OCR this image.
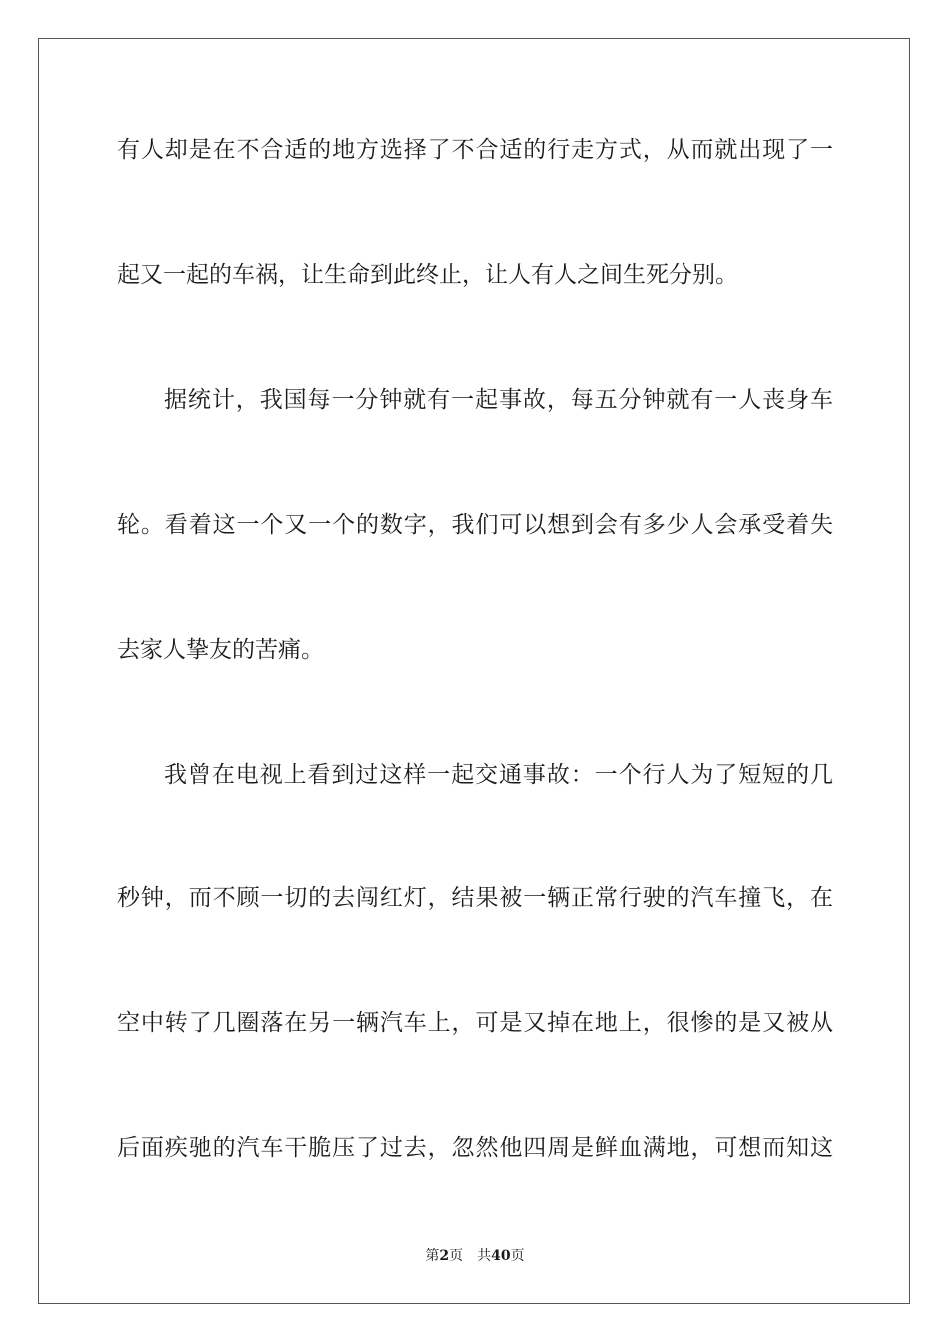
有人却是在不合适的地方选择了不合适的行走方式，从而就出现了一
起又一起的车祸，让生命到此终止，让人有人之间生死分别。
据统计，我国每一分钟就有一起事故，每五分钟就有一人丧身车
轮。看着这一个又一个的数字，我们可以想到会有多少人会承受着失
去家人挚友的苦痛。
我曾在电视上看到过这样一起交通事故：一个行人为了短短的几
秒钟，而不顾一切的去闯红灯，结果被一辆正常行驶的汽车撞飞，在
空中转了几圈落在另一辆汽车上，可是又掉在地上，很惨的是又被从
后面疾驰的汽车干脆压了过去，忽然他四周是鲜血满地，可想而知这
第2页 共40页
